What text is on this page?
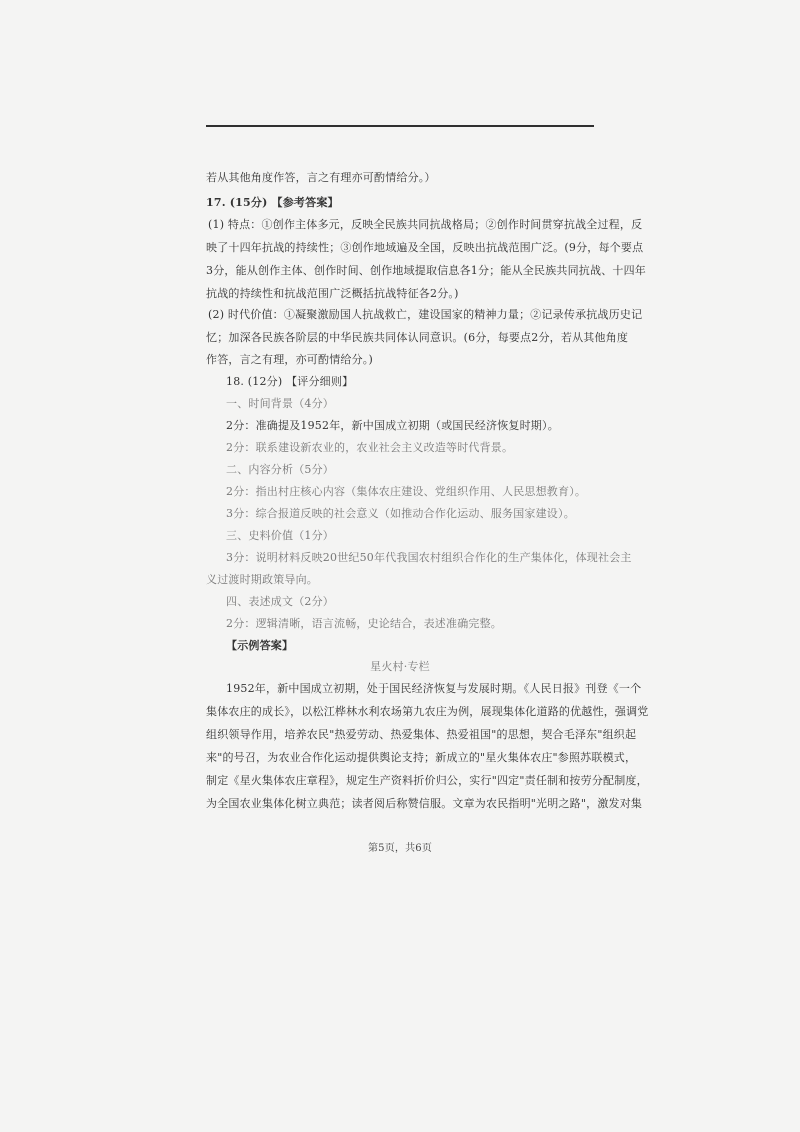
若从其他角度作答，言之有理亦可酌情给分。）
17. (15分) 【参考答案】
(1) 特点：①创作主体多元，反映全民族共同抗战格局；②创作时间贯穿抗战全过程，反
映了十四年抗战的持续性；③创作地域遍及全国，反映出抗战范围广泛。(9分，每个要点
3分，能从创作主体、创作时间、创作地域提取信息各1分；能从全民族共同抗战、十四年
抗战的持续性和抗战范围广泛概括抗战特征各2分。)
(2) 时代价值：①凝聚激励国人抗战救亡，建设国家的精神力量；②记录传承抗战历史记
忆；加深各民族各阶层的中华民族共同体认同意识。(6分，每要点2分，若从其他角度
作答，言之有理，亦可酌情给分。)
18. (12分) 【评分细则】
一、时间背景（4分）
2分：准确提及1952年，新中国成立初期（或国民经济恢复时期）。
2分：联系建设新农业的，农业社会主义改造等时代背景。
二、内容分析（5分）
2分：指出村庄核心内容（集体农庄建设、党组织作用、人民思想教育）。
3分：综合报道反映的社会意义（如推动合作化运动、服务国家建设）。
三、史料价值（1分）
3分：说明材料反映20世纪50年代我国农村组织合作化的生产集体化，体现社会主
义过渡时期政策导向。
四、表述成文（2分）
2分：逻辑清晰，语言流畅，史论结合，表述准确完整。
【示例答案】
星火村·专栏
1952年，新中国成立初期，处于国民经济恢复与发展时期。《人民日报》刊登《一个
集体农庄的成长》，以松江桦林水利农场第九农庄为例，展现集体化道路的优越性，强调党
组织领导作用，培养农民"热爱劳动、热爱集体、热爱祖国"的思想，契合毛泽东"组织起
来"的号召，为农业合作化运动提供舆论支持；新成立的"星火集体农庄"参照苏联模式，
制定《星火集体农庄章程》，规定生产资料折价归公，实行"四定"责任制和按劳分配制度，
为全国农业集体化树立典范；读者阅后称赞信服。文章为农民指明"光明之路"，激发对集
第5页，共6页
